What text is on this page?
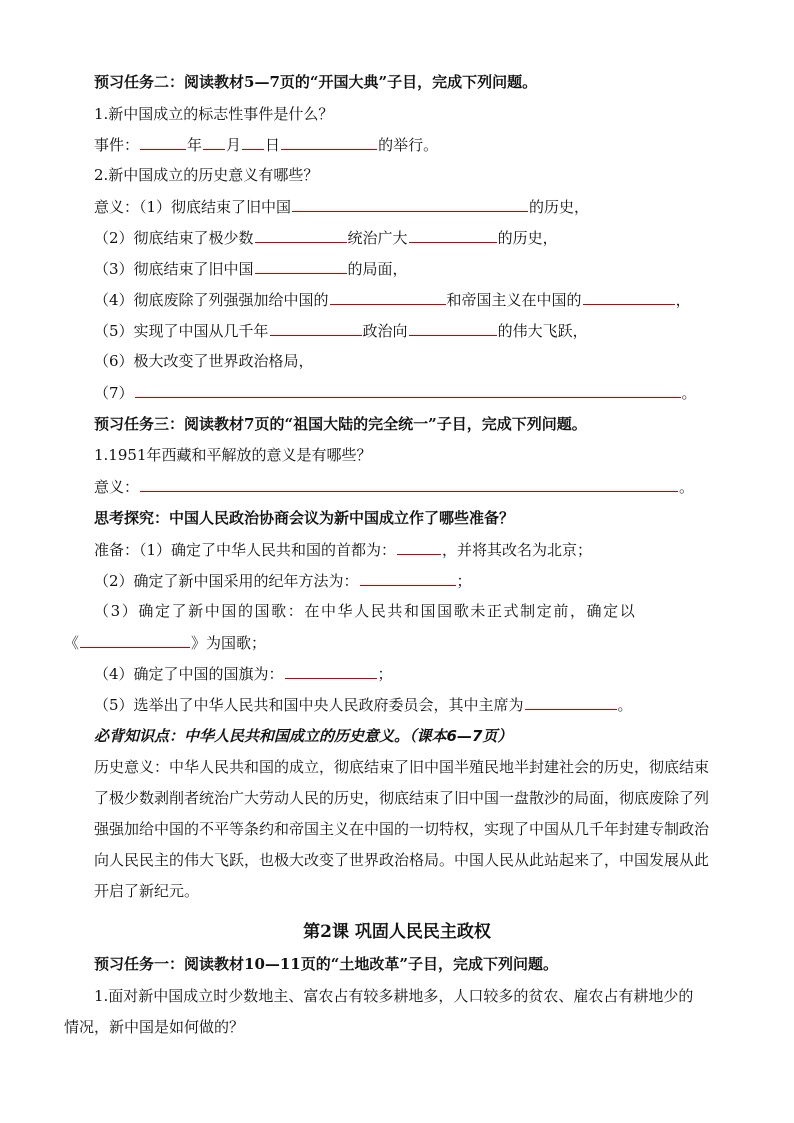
预习任务二：阅读教材5—7页的“开国大典”子目，完成下列问题。
1.新中国成立的标志性事件是什么？
事件：	年 月 日	的举行。
2.新中国成立的历史意义有哪些？
意义：（1）彻底结束了旧中国	的历史，
（2）彻底结束了极少数	统治广大	的历史，
（3）彻底结束了旧中国	的局面，
（4）彻底废除了列强强加给中国的	和帝国主义在中国的	，
（5）实现了中国从几千年	政治向	的伟大飞跃，
（6）极大改变了世界政治格局，
（7）	。
预习任务三：阅读教材7页的“祖国大陆的完全统一”子目，完成下列问题。
1.1951年西藏和平解放的意义是有哪些？
意义：	。
思考探究：中国人民政治协商会议为新中国成立作了哪些准备？
准备：（1）确定了中华人民共和国的首都为：	，并将其改名为北京；
（2）确定了新中国采用的纪年方法为：	；
（3）确定了新中国的国歌：在中华人民共和国国歌未正式制定前，确定以
《	》为国歌；
（4）确定了中国的国旗为：	；
（5）选举出了中华人民共和国中央人民政府委员会，其中主席为	。
必背知识点：中华人民共和国成立的历史意义。（课本6—7页）

历史意义：中华人民共和国的成立，彻底结束了旧中国半殖民地半封建社会的历史，彻底结束了极少数剥削者统治广大劳动人民的历史，彻底结束了旧中国一盘散沙的局面，彻底废除了列强强加给中国的不平等条约和帝国主义在中国的一切特权，实现了中国从几千年封建专制政治向人民民主的伟大飞跃，也极大改变了世界政治格局。中国人民从此站起来了，中国发展从此开启了新纪元。

第2课 巩固人民民主政权
预习任务一：阅读教材10—11页的“土地改革”子目，完成下列问题。
1.面对新中国成立时少数地主、富农占有较多耕地多，人口较多的贫农、雇农占有耕地少的
情况，新中国是如何做的？
